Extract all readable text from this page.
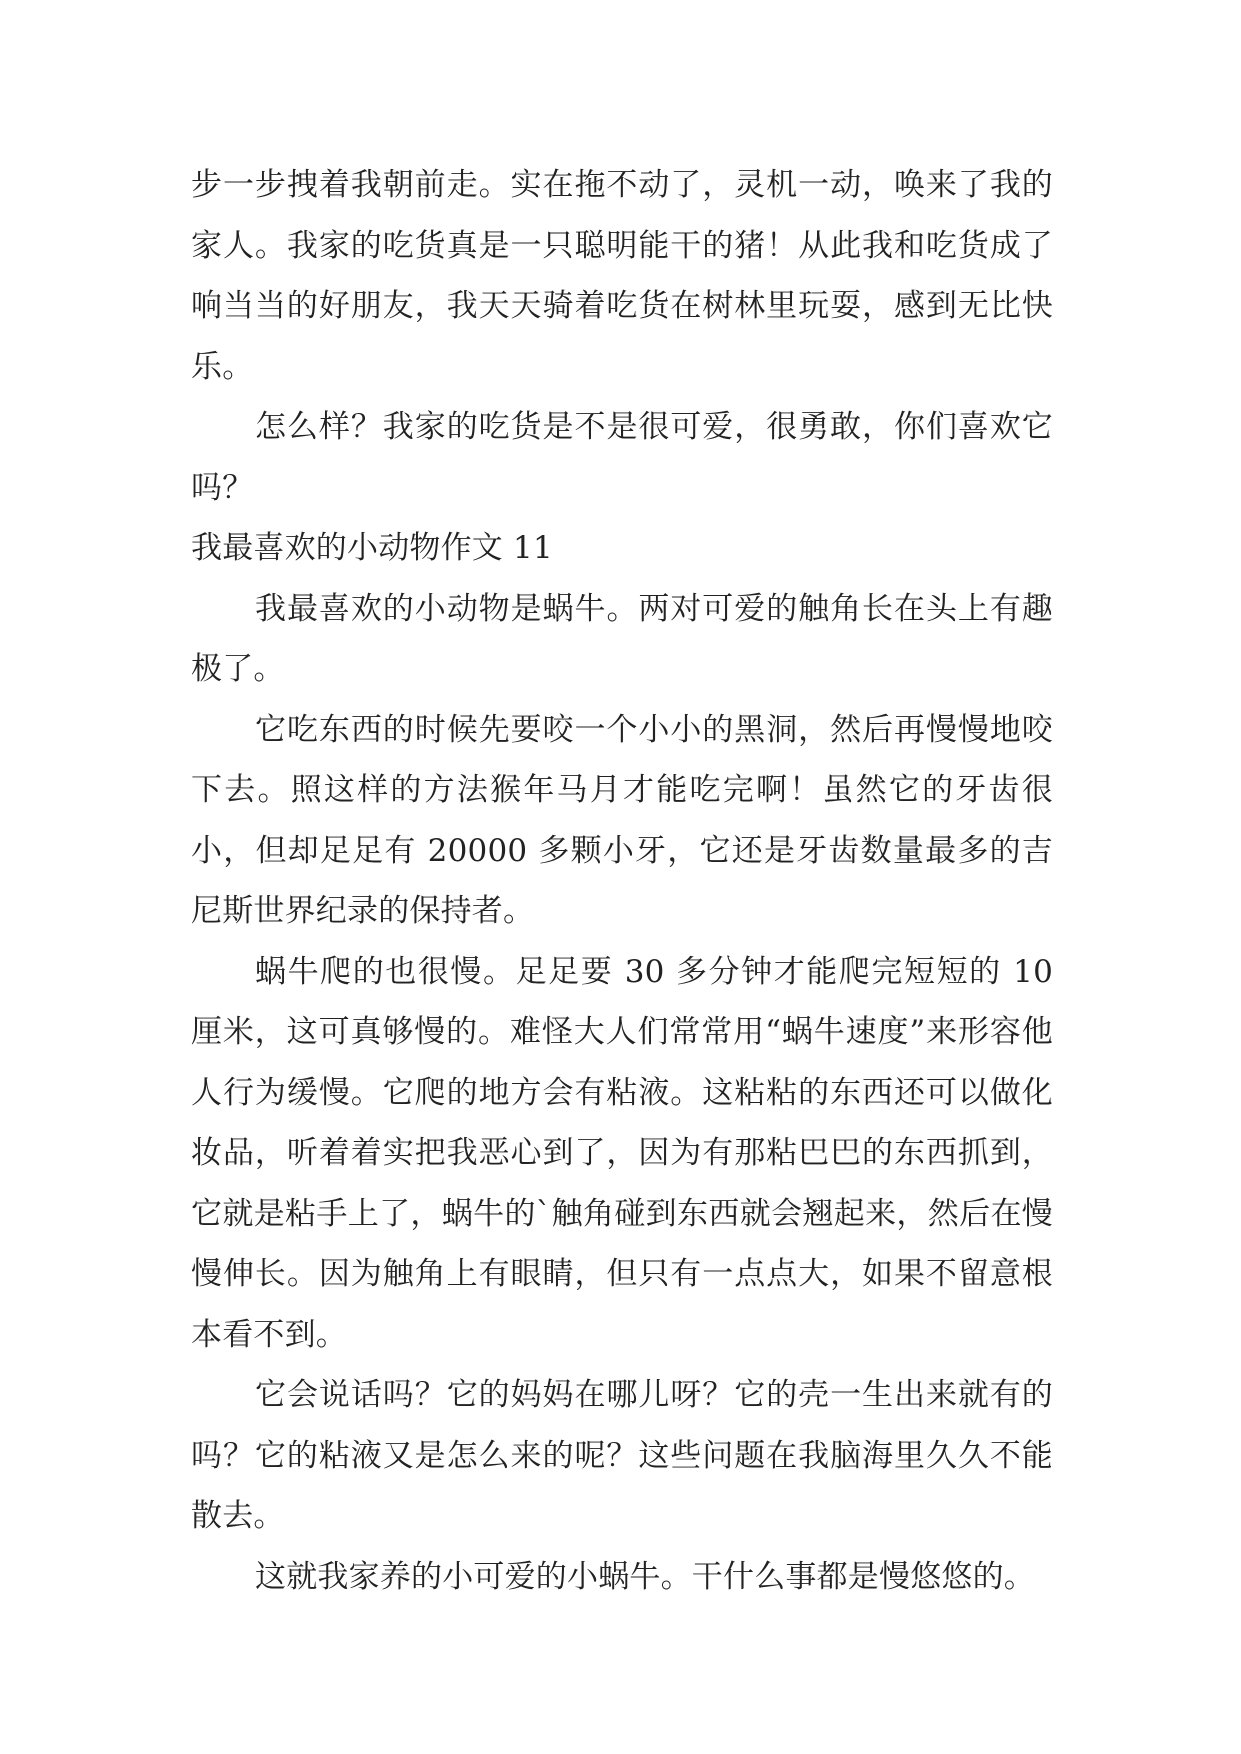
步一步拽着我朝前走。实在拖不动了，灵机一动，唤来了我的家人。我家的吃货真是一只聪明能干的猪！从此我和吃货成了响当当的好朋友，我天天骑着吃货在树林里玩耍，感到无比快乐。

怎么样？我家的吃货是不是很可爱，很勇敢，你们喜欢它吗？

我最喜欢的小动物作文 11

我最喜欢的小动物是蜗牛。两对可爱的触角长在头上有趣极了。

它吃东西的时候先要咬一个小小的黑洞，然后再慢慢地咬下去。照这样的方法猴年马月才能吃完啊！虽然它的牙齿很小，但却足足有 20000 多颗小牙，它还是牙齿数量最多的吉尼斯世界纪录的保持者。

蜗牛爬的也很慢。足足要 30 多分钟才能爬完短短的 10 厘米，这可真够慢的。难怪大人们常常用“蜗牛速度”来形容他人行为缓慢。它爬的地方会有粘液。这粘粘的东西还可以做化妆品，听着着实把我恶心到了，因为有那粘巴巴的东西抓到，它就是粘手上了，蜗牛的`触角碰到东西就会翘起来，然后在慢慢伸长。因为触角上有眼睛，但只有一点点大，如果不留意根本看不到。

它会说话吗？它的妈妈在哪儿呀？它的壳一生出来就有的吗？它的粘液又是怎么来的呢？这些问题在我脑海里久久不能散去。

这就我家养的小可爱的小蜗牛。干什么事都是慢悠悠的。
